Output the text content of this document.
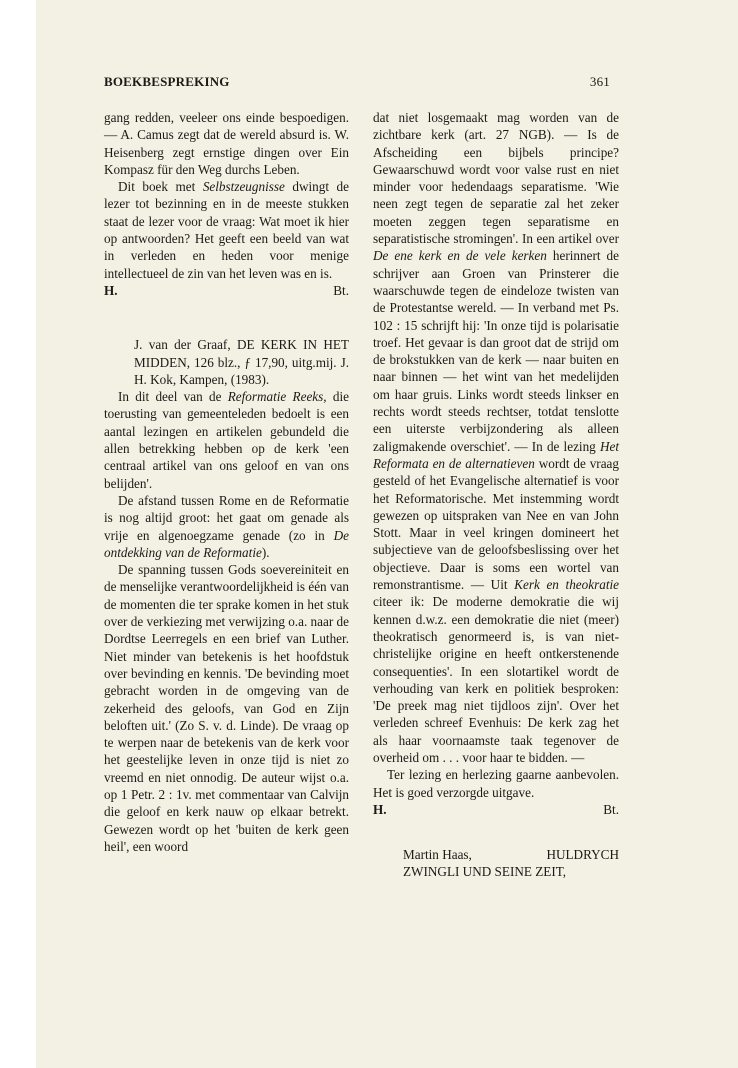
BOEKBESPREKING	361

gang redden, veeleer ons einde bespoedigen. — A. Camus zegt dat de wereld absurd is. W. Heisenberg zegt ernstige dingen over Ein Kompasz für den Weg durchs Leben.

Dit boek met Selbstzeugnisse dwingt de lezer tot bezinning en in de meeste stukken staat de lezer voor de vraag: Wat moet ik hier op antwoorden? Het geeft een beeld van wat in verleden en heden voor menige intellectueel de zin van het leven was en is.

H.	Bt.

J. van der Graaf, DE KERK IN HET MIDDEN, 126 blz., ƒ 17,90, uitg.mij. J. H. Kok, Kampen, (1983).

In dit deel van de Reformatie Reeks, die toerusting van gemeenteleden bedoelt is een aantal lezingen en artikelen gebundeld die allen betrekking hebben op de kerk 'een centraal artikel van ons geloof en van ons belijden'.

De afstand tussen Rome en de Reformatie is nog altijd groot: het gaat om genade als vrije en algenoegzame genade (zo in De ontdekking van de Reformatie).

De spanning tussen Gods soevereiniteit en de menselijke verantwoordelijkheid is één van de momenten die ter sprake komen in het stuk over de verkiezing met verwijzing o.a. naar de Dordtse Leerregels en een brief van Luther. Niet minder van betekenis is het hoofdstuk over bevinding en kennis. 'De bevinding moet gebracht worden in de omgeving van de zekerheid des geloofs, van God en Zijn beloften uit.' (Zo S. v. d. Linde). De vraag op te werpen naar de betekenis van de kerk voor het geestelijke leven in onze tijd is niet zo vreemd en niet onnodig. De auteur wijst o.a. op 1 Petr. 2 : 1v. met commentaar van Calvijn die geloof en kerk nauw op elkaar betrekt. Gewezen wordt op het 'buiten de kerk geen heil', een woord

dat niet losgemaakt mag worden van de zichtbare kerk (art. 27 NGB). — Is de Afscheiding een bijbels principe? Gewaarschuwd wordt voor valse rust en niet minder voor hedendaags separatisme. 'Wie neen zegt tegen de separatie zal het zeker moeten zeggen tegen separatisme en separatistische stromingen'. In een artikel over De ene kerk en de vele kerken herinnert de schrijver aan Groen van Prinsterer die waarschuwde tegen de eindeloze twisten van de Protestantse wereld. — In verband met Ps. 102 : 15 schrijft hij: 'In onze tijd is polarisatie troef. Het gevaar is dan groot dat de strijd om de brokstukken van de kerk — naar buiten en naar binnen — het wint van het medelijden om haar gruis. Links wordt steeds linkser en rechts wordt steeds rechtser, totdat tenslotte een uiterste verbijzondering als alleen zaligmakende overschiet'. — In de lezing Het Reformata en de alternatieven wordt de vraag gesteld of het Evangelische alternatief is voor het Reformatorische. Met instemming wordt gewezen op uitspraken van Nee en van John Stott. Maar in veel kringen domineert het subjectieve van de geloofsbeslissing over het objectieve. Daar is soms een wortel van remonstrantisme. — Uit Kerk en theokratie citeer ik: De moderne demokratie die wij kennen d.w.z. een demokratie die niet (meer) theokratisch genormeerd is, is van niet-christelijke origine en heeft ontkerstenende consequenties'. In een slotartikel wordt de verhouding van kerk en politiek besproken: 'De preek mag niet tijdloos zijn'. Over het verleden schreef Evenhuis: De kerk zag het als haar voornaamste taak tegenover de overheid om . . . voor haar te bidden. —

Ter lezing en herlezing gaarne aanbevolen. Het is goed verzorgde uitgave.

H.	Bt.

Martin Haas,	HULDRYCH
ZWINGLI UND SEINE ZEIT,
